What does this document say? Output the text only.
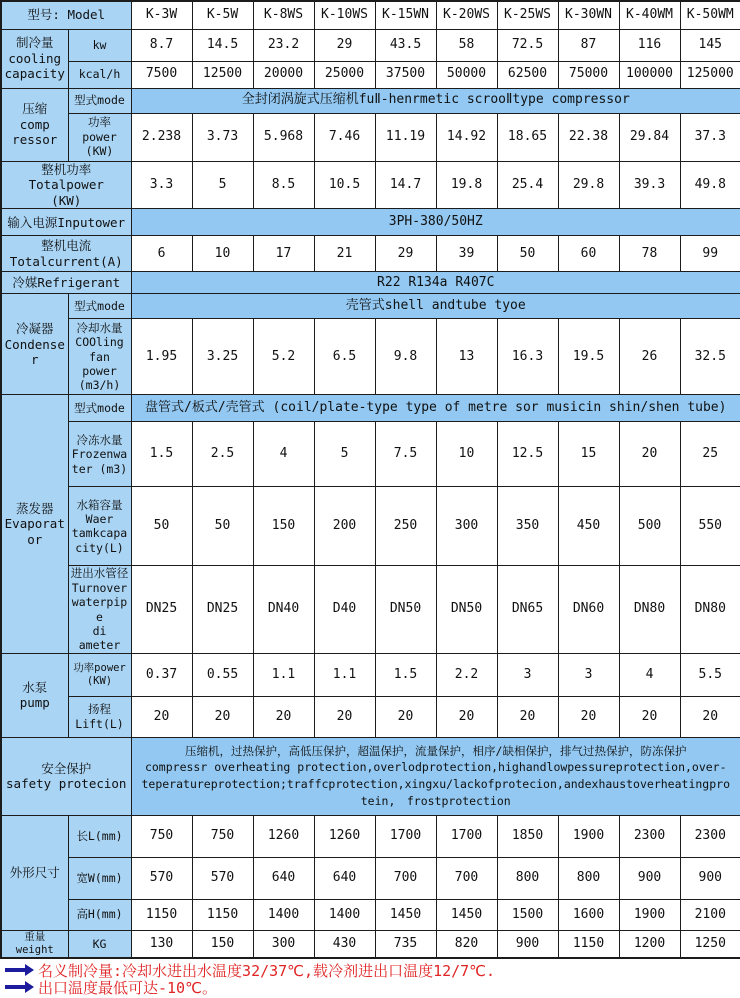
型号: Model		K-3W	K-5W	K-8WS	K-10WS	K-15WN	K-20WS	K-25WS	K-30WN	K-40WM	K-50WM
制冷量
cooling
capacity	kw	8.7	14.5	23.2	29	43.5	58	72.5	87	116	145
	kcal/h	7500	12500	20000	25000	37500	50000	62500	75000	100000	125000
压缩
comp
ressor	型式mode	全封闭涡旋式压缩机fuⅡ-henrmetic scrooⅡtype compressor									
	功率
power
(KW)	2.238	3.73	5.968	7.46	11.19	14.92	18.65	22.38	29.84	37.3
整机功率
Totalpower
(KW)		3.3	5	8.5	10.5	14.7	19.8	25.4	29.8	39.3	49.8
输入电源Inputower		3PH-380/50HZ									
整机电流
Totalcurrent(A)		6	10	17	21	29	39	50	60	78	99
冷媒Refrigerant		R22 R134a R407C									
冷凝器
Condenser	型式mode	壳管式shell andtube tyoe									
	冷却水量
COOling
fan power
(m3/h)	1.95	3.25	5.2	6.5	9.8	13	16.3	19.5	26	32.5
蒸发器
Evaporator	型式mode	盘管式/板式/壳管式 (coil/plate-type type of metre sor musicin shin/shen tube)									
	冷冻水量
Frozenwater (m3)	1.5	2.5	4	5	7.5	10	12.5	15	20	25
	水箱容量
Waer
tamkcapacity(L)	50	50	150	200	250	300	350	450	500	550
	进出水管径
Turnover
waterpipe
di ameter	DN25	DN25	DN40	D40	DN50	DN50	DN65	DN60	DN80	DN80
水泵
pump	功率power
(KW)	0.37	0.55	1.1	1.1	1.5	2.2	3	3	4	5.5
	扬程
Lift(L)	20	20	20	20	20	20	20	20	20	20
安全保护
safety protecion		压缩机，过热保护，高低压保护，超温保护，流量保护，相序/缺相保护，排气过热保护，防冻保护
compressr overheating protection,overlodprotection,highandlowpessureprotection,over-teperatureprotection;traffcprotection,xingxu/lackofprotecion,andexhaustoverheatingprotein,　frostprotection									
外形尺寸	长L(mm)	750	750	1260	1260	1700	1700	1850	1900	2300	2300
	宽W(mm)	570	570	640	640	700	700	800	800	900	900
	高H(mm)	1150	1150	1400	1400	1450	1450	1500	1600	1900	2100
重量
weight	KG	130	150	300	430	735	820	900	1150	1200	1250
名义制冷量:冷却水进出水温度32/37℃,载冷剂进出口温度12/7℃.
出口温度最低可达-10℃。
